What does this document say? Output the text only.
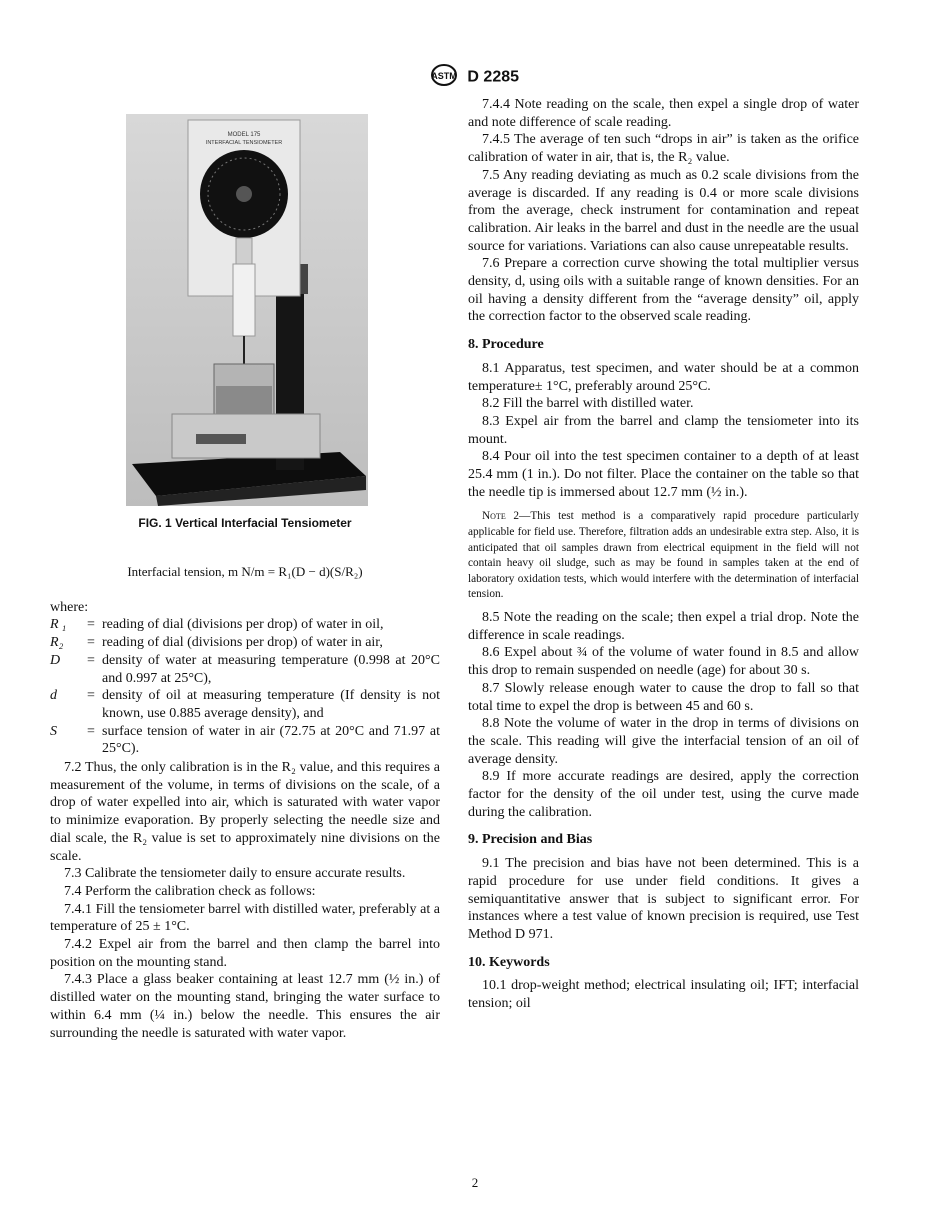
ASTM D 2285
MODEL 175
INTERFACIAL TENSIOMETER
FIG. 1 Vertical Interfacial Tensiometer
Interfacial tension, m N/m = R₁(D − d)(S/R₂)
where:
R ₁	=	reading of dial (divisions per drop) of water in oil,
R₂	=	reading of dial (divisions per drop) of water in air,
D	=	density of water at measuring temperature (0.998 at 20°C and 0.997 at 25°C),
d	=	density of oil at measuring temperature (If density is not known, use 0.885 average density), and
S	=	surface tension of water in air (72.75 at 20°C and 71.97 at 25°C).

7.2 Thus, the only calibration is in the R₂ value, and this requires a measurement of the volume, in terms of divisions on the scale, of a drop of water expelled into air, which is saturated with water vapor to minimize evaporation. By properly selecting the needle size and dial scale, the R₂ value is set to approximately nine divisions on the scale.

7.3 Calibrate the tensiometer daily to ensure accurate results.

7.4 Perform the calibration check as follows:

7.4.1 Fill the tensiometer barrel with distilled water, preferably at a temperature of 25 ± 1°C.

7.4.2 Expel air from the barrel and then clamp the barrel into position on the mounting stand.

7.4.3 Place a glass beaker containing at least 12.7 mm (½ in.) of distilled water on the mounting stand, bringing the water surface to within 6.4 mm (¼ in.) below the needle. This ensures the air surrounding the needle is saturated with water vapor.

7.4.4 Note reading on the scale, then expel a single drop of water and note difference of scale reading.

7.4.5 The average of ten such “drops in air” is taken as the orifice calibration of water in air, that is, the R₂ value.

7.5 Any reading deviating as much as 0.2 scale divisions from the average is discarded. If any reading is 0.4 or more scale divisions from the average, check instrument for contamination and repeat calibration. Air leaks in the barrel and dust in the needle are the usual source for variations. Variations can also cause unrepeatable results.

7.6 Prepare a correction curve showing the total multiplier versus density, d, using oils with a suitable range of known densities. For an oil having a density different from the “average density” oil, apply the correction factor to the observed scale reading.

8. Procedure

8.1 Apparatus, test specimen, and water should be at a common temperature± 1°C, preferably around 25°C.

8.2 Fill the barrel with distilled water.

8.3 Expel air from the barrel and clamp the tensiometer into its mount.

8.4 Pour oil into the test specimen container to a depth of at least 25.4 mm (1 in.). Do not filter. Place the container on the table so that the needle tip is immersed about 12.7 mm (½ in.).

Note 2—This test method is a comparatively rapid procedure particularly applicable for field use. Therefore, filtration adds an undesirable extra step. Also, it is anticipated that oil samples drawn from electrical equipment in the field will not contain heavy oil sludge, such as may be found in samples taken at the end of laboratory oxidation tests, which would interfere with the determination of interfacial tension.

8.5 Note the reading on the scale; then expel a trial drop. Note the difference in scale readings.

8.6 Expel about ¾ of the volume of water found in 8.5 and allow this drop to remain suspended on needle (age) for about 30 s.

8.7 Slowly release enough water to cause the drop to fall so that total time to expel the drop is between 45 and 60 s.

8.8 Note the volume of water in the drop in terms of divisions on the scale. This reading will give the interfacial tension of an oil of average density.

8.9 If more accurate readings are desired, apply the correction factor for the density of the oil under test, using the curve made during the calibration.

9. Precision and Bias

9.1 The precision and bias have not been determined. This is a rapid procedure for use under field conditions. It gives a semiquantitative answer that is subject to significant error. For instances where a test value of known precision is required, use Test Method D 971.

10. Keywords

10.1 drop-weight method; electrical insulating oil; IFT; interfacial tension; oil

2
